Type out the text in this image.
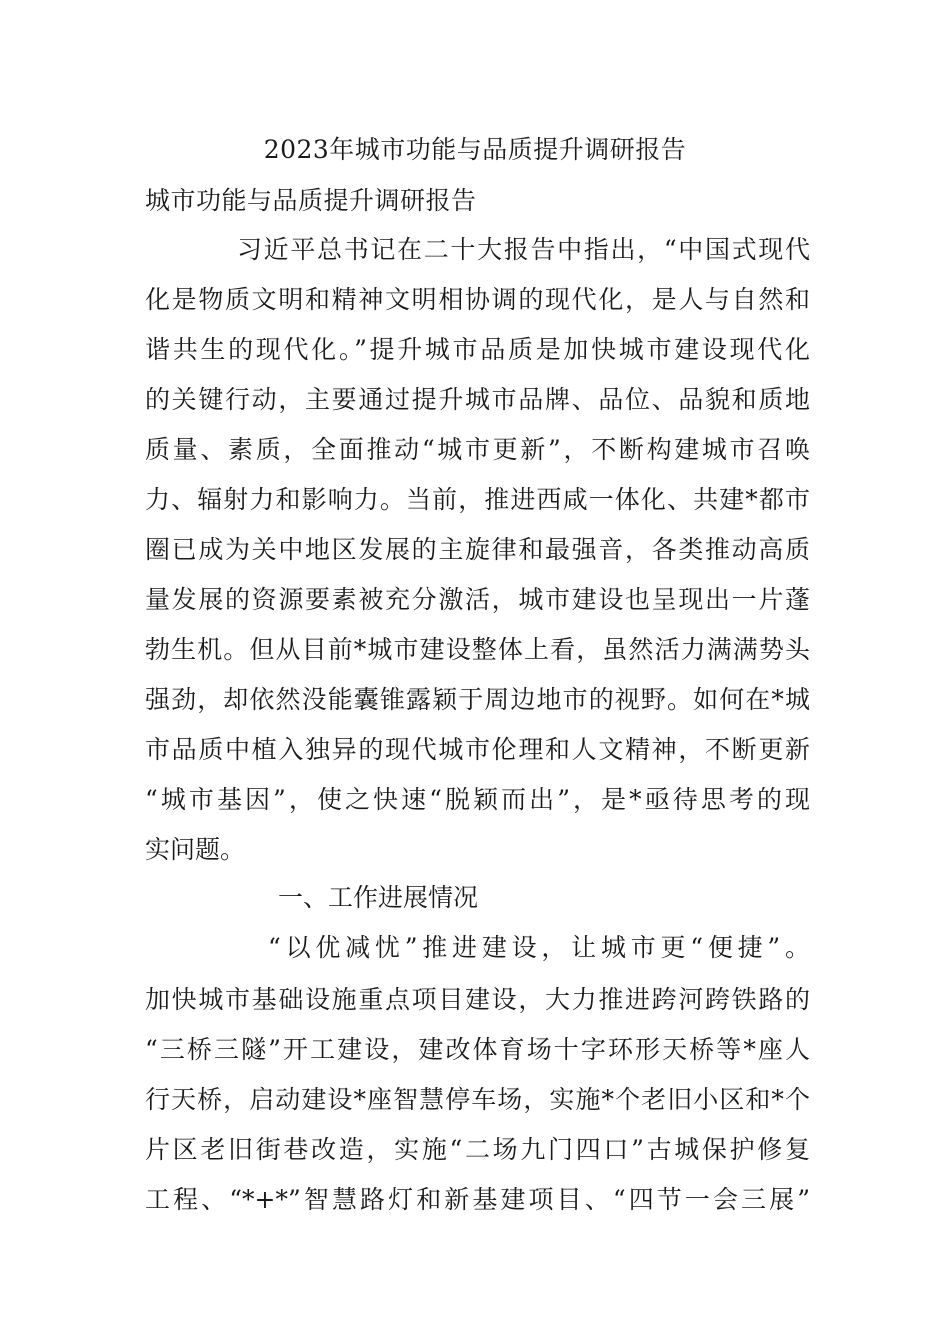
2023年城市功能与品质提升调研报告
城市功能与品质提升调研报告
习近平总书记在二十大报告中指出，“中国式现代
化是物质文明和精神文明相协调的现代化，是人与自然和
谐共生的现代化。”提升城市品质是加快城市建设现代化
的关键行动，主要通过提升城市品牌、品位、品貌和质地
质量、素质，全面推动“城市更新”，不断构建城市召唤
力、辐射力和影响力。当前，推进西咸一体化、共建*都市
圈已成为关中地区发展的主旋律和最强音，各类推动高质
量发展的资源要素被充分激活，城市建设也呈现出一片蓬
勃生机。但从目前*城市建设整体上看，虽然活力满满势头
强劲，却依然没能囊锥露颖于周边地市的视野。如何在*城
市品质中植入独异的现代城市伦理和人文精神，不断更新
“城市基因”，使之快速“脱颖而出”，是*亟待思考的现
实问题。
一、工作进展情况
“以优减忧”推进建设，让城市更“便捷”。
加快城市基础设施重点项目建设，大力推进跨河跨铁路的
“三桥三隧”开工建设，建改体育场十字环形天桥等*座人
行天桥，启动建设*座智慧停车场，实施*个老旧小区和*个
片区老旧街巷改造，实施“二场九门四口”古城保护修复
工程、“*+*”智慧路灯和新基建项目、“四节一会三展”
